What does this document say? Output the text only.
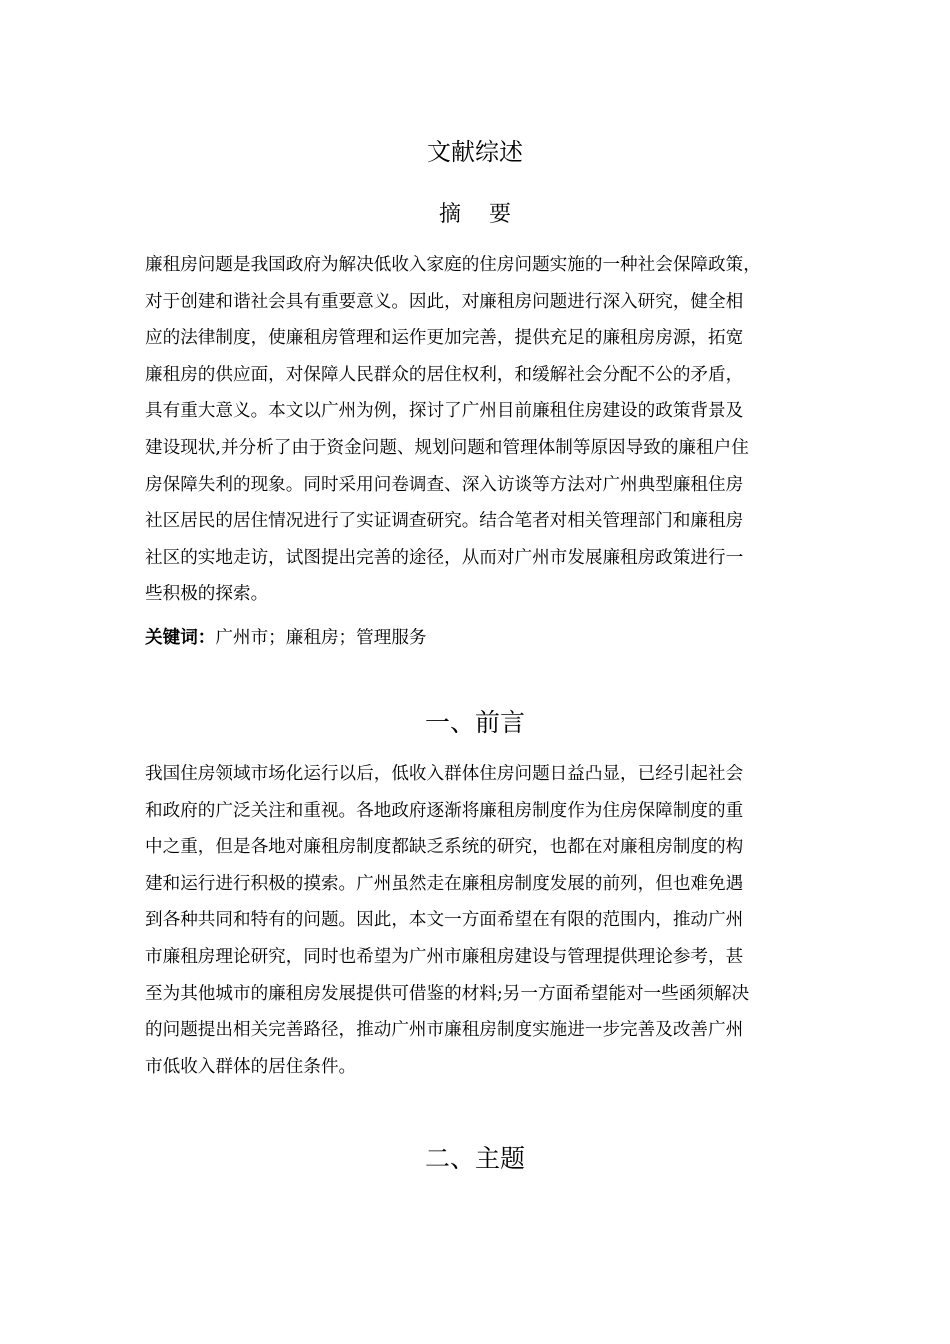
文献综述
摘 要
廉租房问题是我国政府为解决低收入家庭的住房问题实施的一种社会保障政策，
对于创建和谐社会具有重要意义。因此，对廉租房问题进行深入研究，健全相
应的法律制度，使廉租房管理和运作更加完善，提供充足的廉租房房源，拓宽
廉租房的供应面，对保障人民群众的居住权利，和缓解社会分配不公的矛盾，
具有重大意义。本文以广州为例，探讨了广州目前廉租住房建设的政策背景及
建设现状,并分析了由于资金问题、规划问题和管理体制等原因导致的廉租户住
房保障失利的现象。同时采用问卷调查、深入访谈等方法对广州典型廉租住房
社区居民的居住情况进行了实证调查研究。结合笔者对相关管理部门和廉租房
社区的实地走访，试图提出完善的途径，从而对广州市发展廉租房政策进行一
些积极的探索。
关键词：广州市；廉租房；管理服务
一、前言
我国住房领域市场化运行以后，低收入群体住房问题日益凸显，已经引起社会
和政府的广泛关注和重视。各地政府逐渐将廉租房制度作为住房保障制度的重
中之重，但是各地对廉租房制度都缺乏系统的研究，也都在对廉租房制度的构
建和运行进行积极的摸索。广州虽然走在廉租房制度发展的前列，但也难免遇
到各种共同和特有的问题。因此，本文一方面希望在有限的范围内，推动广州
市廉租房理论研究，同时也希望为广州市廉租房建设与管理提供理论参考，甚
至为其他城市的廉租房发展提供可借鉴的材料;另一方面希望能对一些函须解决
的问题提出相关完善路径，推动广州市廉租房制度实施进一步完善及改善广州
市低收入群体的居住条件。
二、主题
